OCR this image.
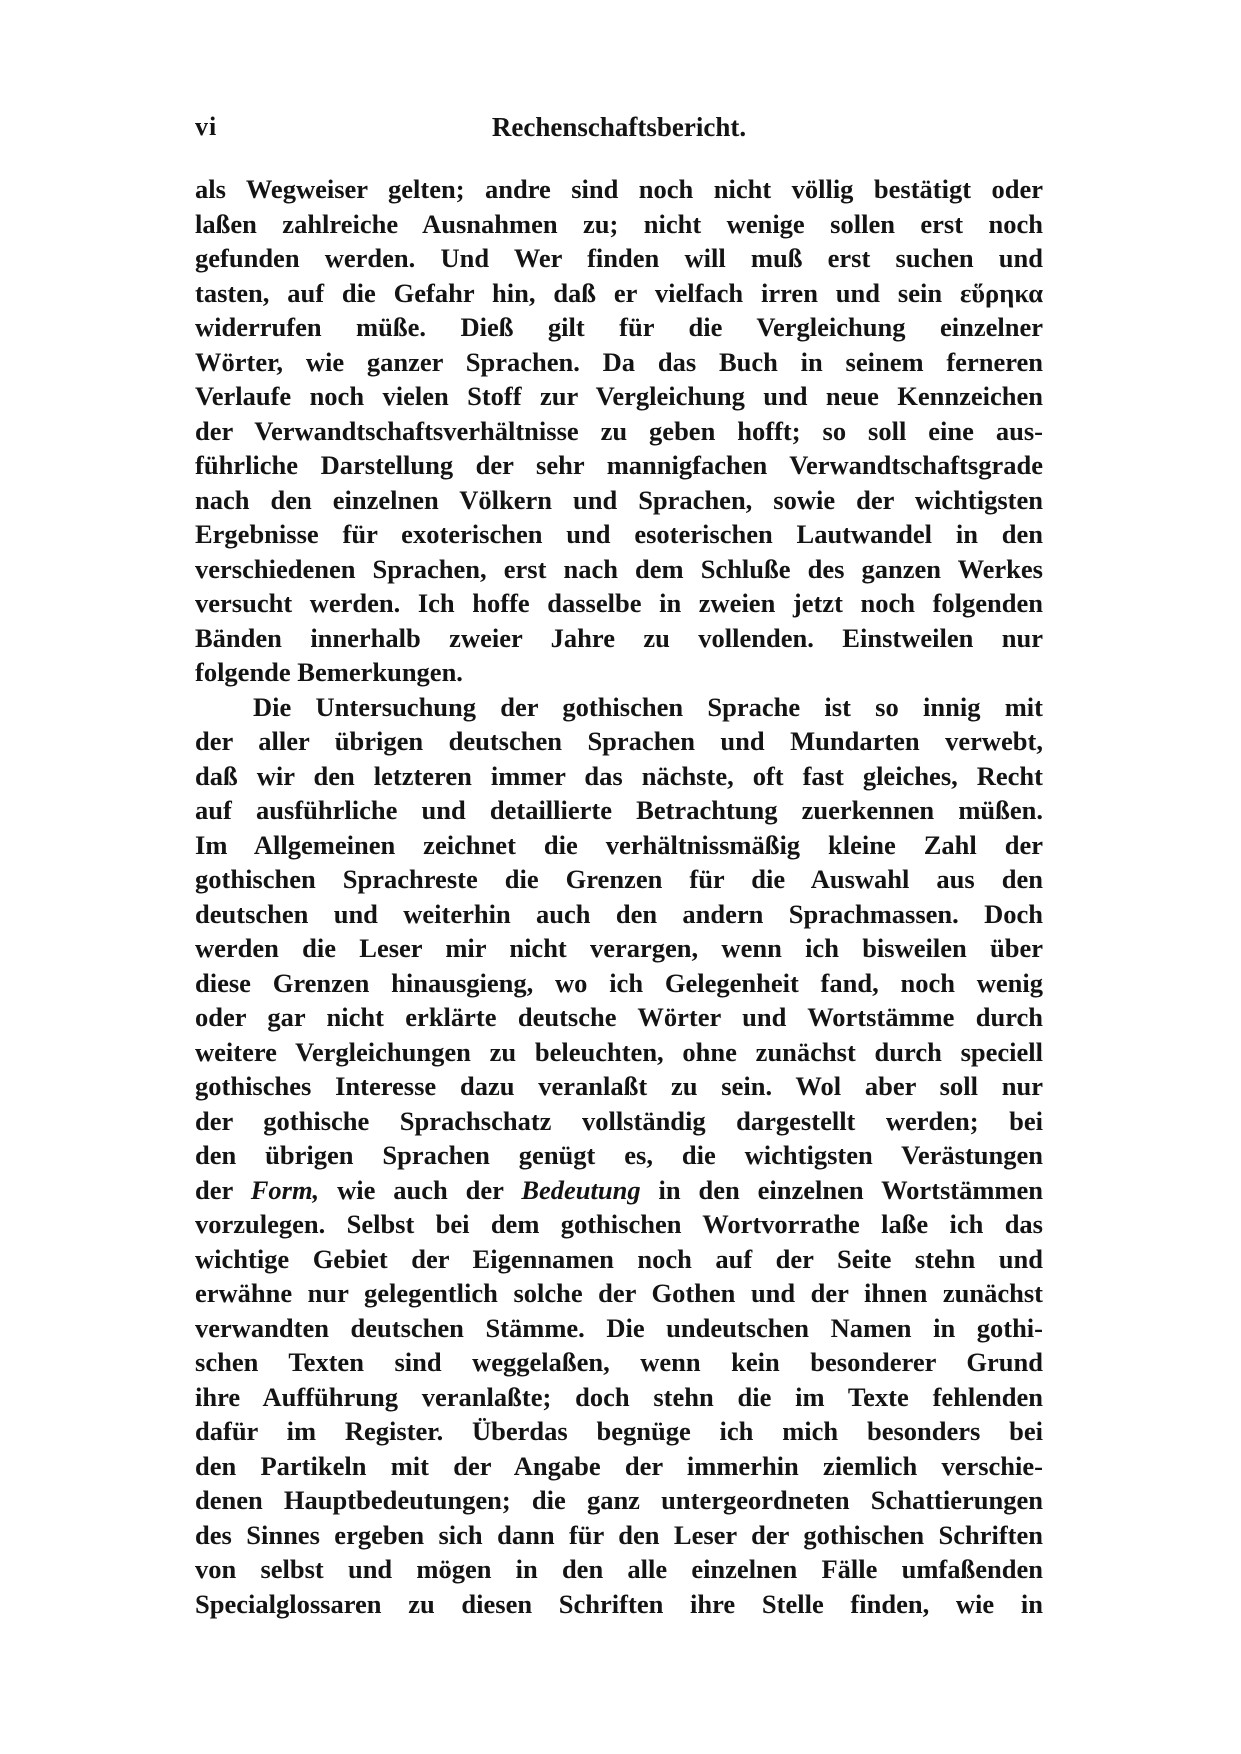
vi	Rechenschaftsbericht.
als Wegweiser gelten; andre sind noch nicht völlig bestätigt oder
laßen zahlreiche Ausnahmen zu; nicht wenige sollen erst noch
gefunden werden. Und Wer finden will muß erst suchen und
tasten, auf die Gefahr hin, daß er vielfach irren und sein εὕρηκα
widerrufen müße. Dieß gilt für die Vergleichung einzelner
Wörter, wie ganzer Sprachen. Da das Buch in seinem ferneren
Verlaufe noch vielen Stoff zur Vergleichung und neue Kennzeichen
der Verwandtschaftsverhältnisse zu geben hofft; so soll eine aus-
führliche Darstellung der sehr mannigfachen Verwandtschaftsgrade
nach den einzelnen Völkern und Sprachen, sowie der wichtigsten
Ergebnisse für exoterischen und esoterischen Lautwandel in den
verschiedenen Sprachen, erst nach dem Schluße des ganzen Werkes
versucht werden. Ich hoffe dasselbe in zweien jetzt noch folgenden
Bänden innerhalb zweier Jahre zu vollenden. Einstweilen nur
folgende Bemerkungen.
Die Untersuchung der gothischen Sprache ist so innig mit
der aller übrigen deutschen Sprachen und Mundarten verwebt,
daß wir den letzteren immer das nächste, oft fast gleiches, Recht
auf ausführliche und detaillierte Betrachtung zuerkennen müßen.
Im Allgemeinen zeichnet die verhältnissmäßig kleine Zahl der
gothischen Sprachreste die Grenzen für die Auswahl aus den
deutschen und weiterhin auch den andern Sprachmassen. Doch
werden die Leser mir nicht verargen, wenn ich bisweilen über
diese Grenzen hinausgieng, wo ich Gelegenheit fand, noch wenig
oder gar nicht erklärte deutsche Wörter und Wortstämme durch
weitere Vergleichungen zu beleuchten, ohne zunächst durch speciell
gothisches Interesse dazu veranlaßt zu sein. Wol aber soll nur
der gothische Sprachschatz vollständig dargestellt werden; bei
den übrigen Sprachen genügt es, die wichtigsten Verästungen
der Form, wie auch der Bedeutung in den einzelnen Wortstämmen
vorzulegen. Selbst bei dem gothischen Wortvorrathe laße ich das
wichtige Gebiet der Eigennamen noch auf der Seite stehn und
erwähne nur gelegentlich solche der Gothen und der ihnen zunächst
verwandten deutschen Stämme. Die undeutschen Namen in gothi-
schen Texten sind weggelaßen, wenn kein besonderer Grund
ihre Aufführung veranlaßte; doch stehn die im Texte fehlenden
dafür im Register. Überdas begnüge ich mich besonders bei
den Partikeln mit der Angabe der immerhin ziemlich verschie-
denen Hauptbedeutungen; die ganz untergeordneten Schattierungen
des Sinnes ergeben sich dann für den Leser der gothischen Schriften
von selbst und mögen in den alle einzelnen Fälle umfaßenden
Specialglossaren zu diesen Schriften ihre Stelle finden, wie in
